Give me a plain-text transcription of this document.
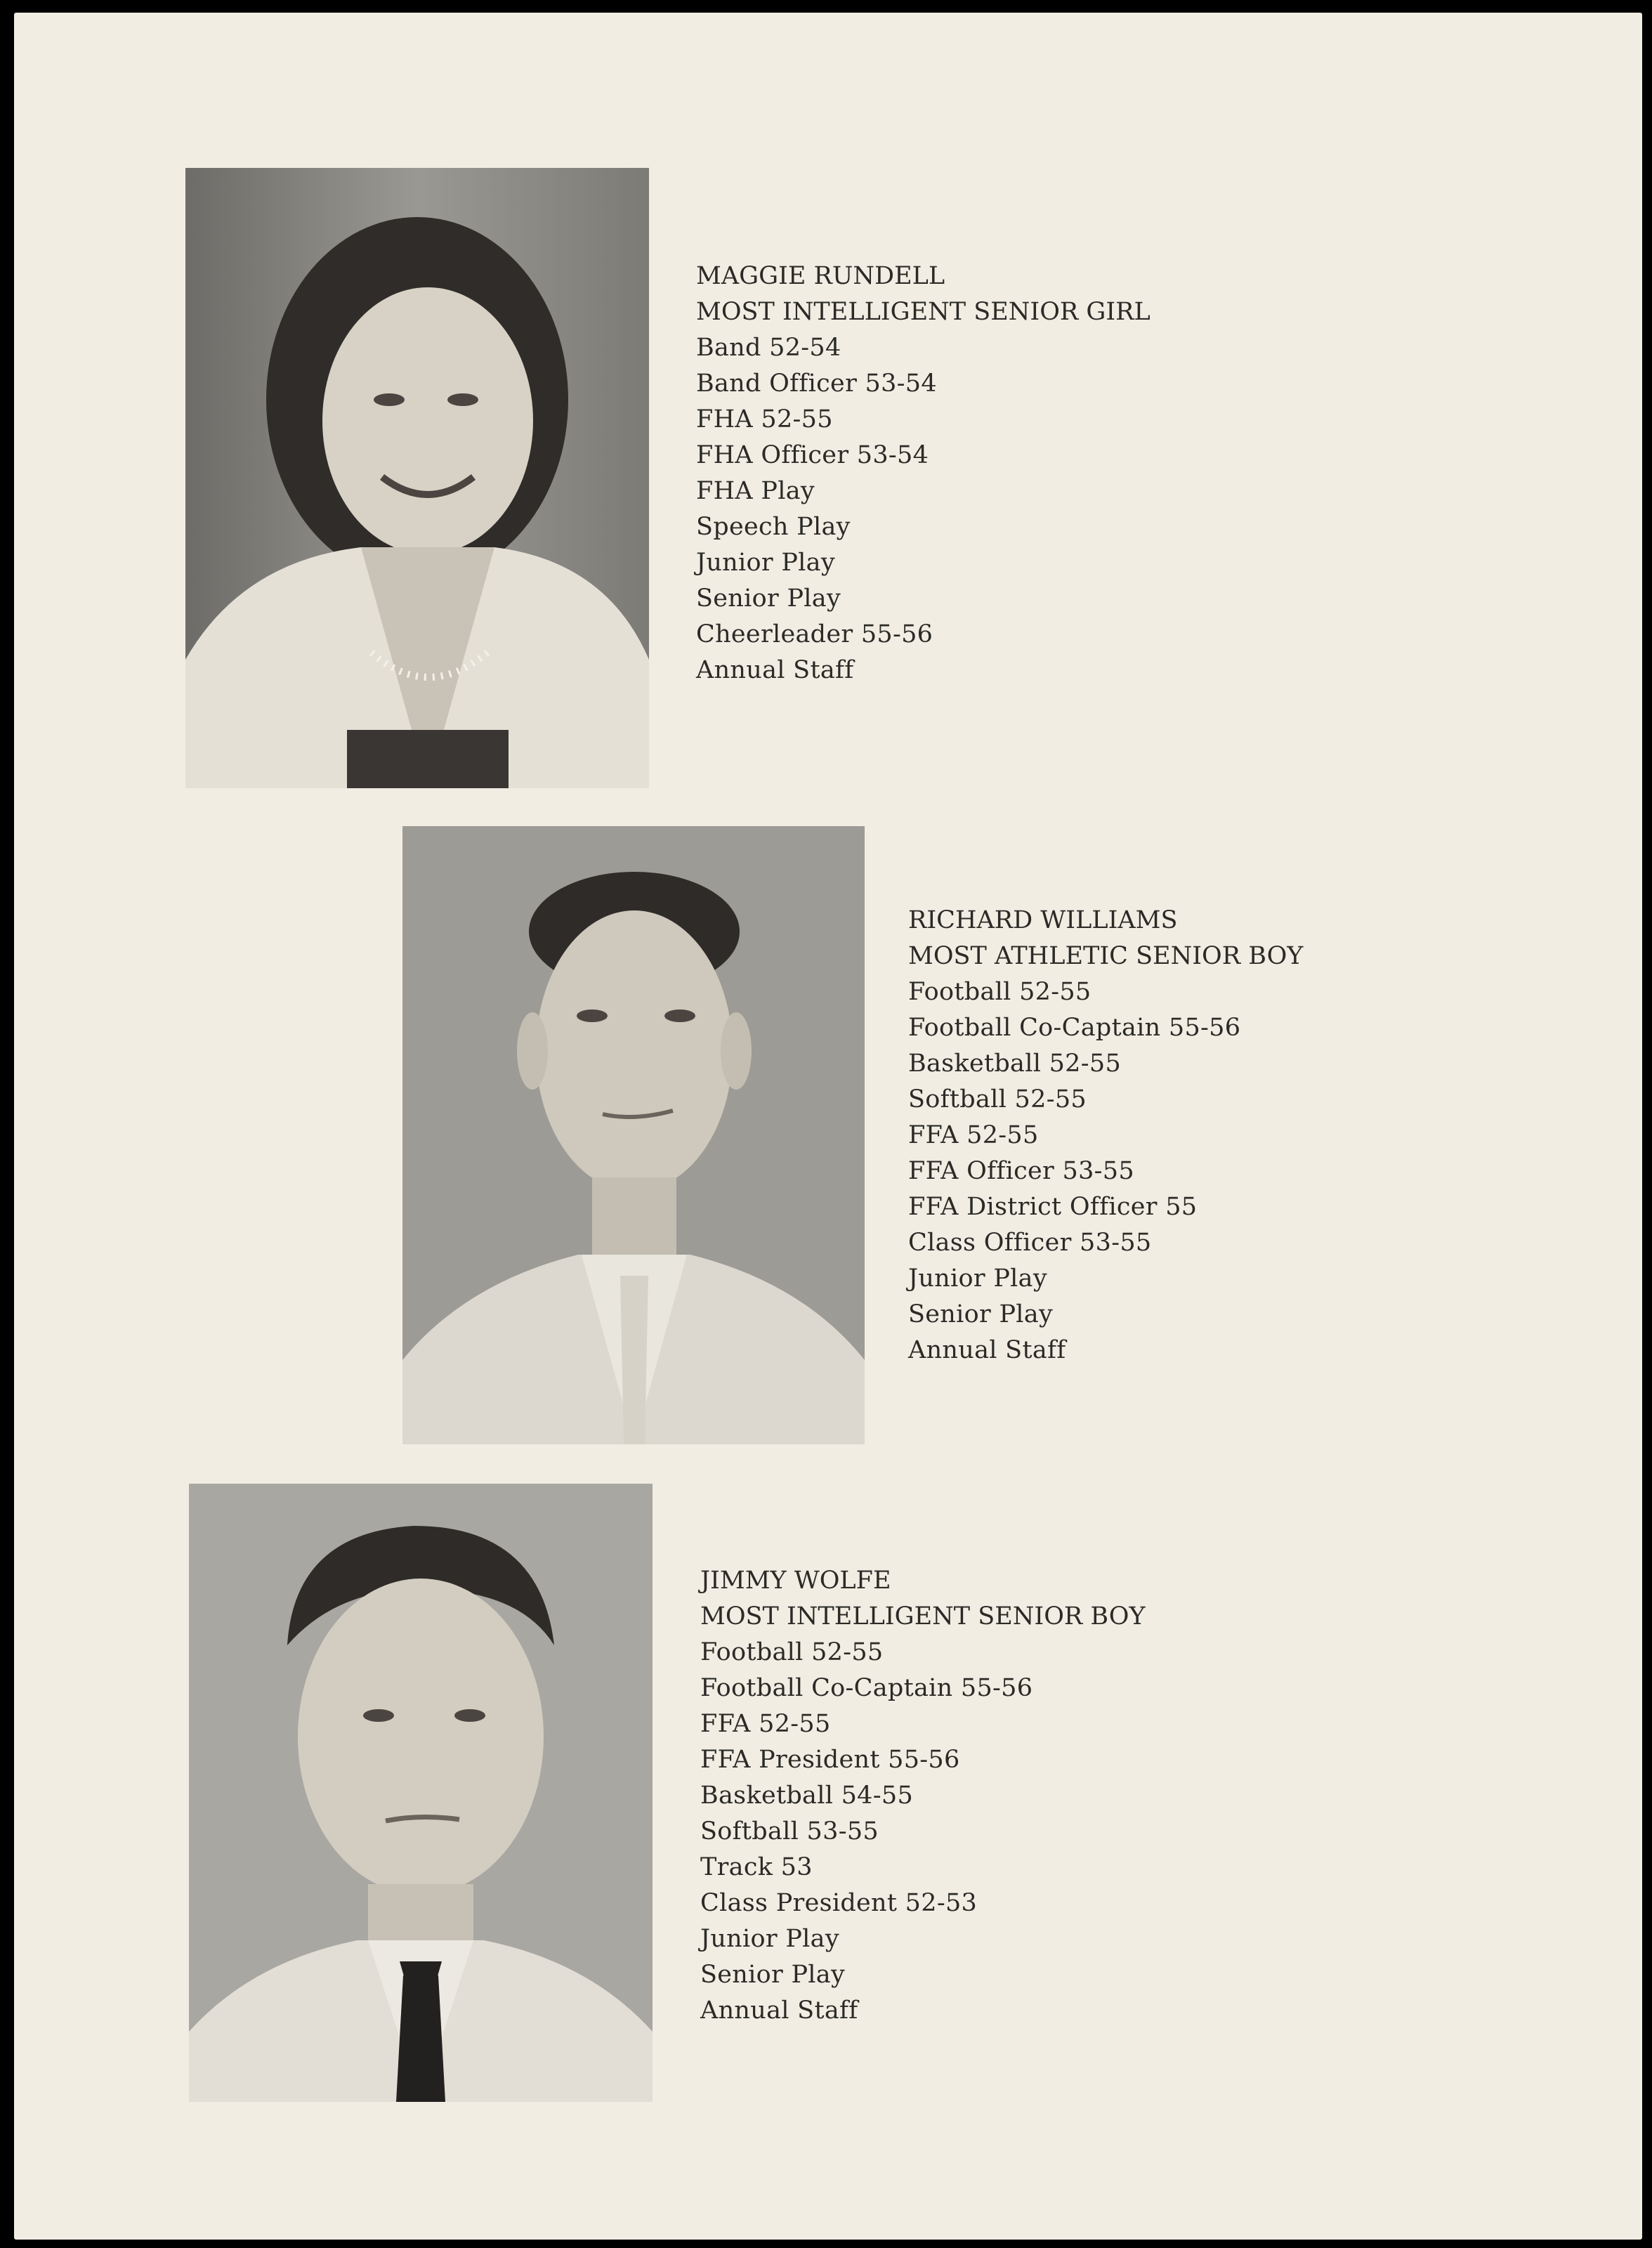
MAGGIE RUNDELL
MOST INTELLIGENT SENIOR GIRL
Band 52-54
Band Officer 53-54
FHA 52-55
FHA Officer 53-54
FHA Play
Speech Play
Junior Play
Senior Play
Cheerleader 55-56
Annual Staff
RICHARD WILLIAMS
MOST ATHLETIC SENIOR BOY
Football 52-55
Football Co-Captain 55-56
Basketball 52-55
Softball 52-55
FFA 52-55
FFA Officer 53-55
FFA District Officer 55
Class Officer 53-55
Junior Play
Senior Play
Annual Staff
JIMMY WOLFE
MOST INTELLIGENT SENIOR BOY
Football 52-55
Football Co-Captain 55-56
FFA 52-55
FFA President 55-56
Basketball 54-55
Softball 53-55
Track 53
Class President 52-53
Junior Play
Senior Play
Annual Staff
